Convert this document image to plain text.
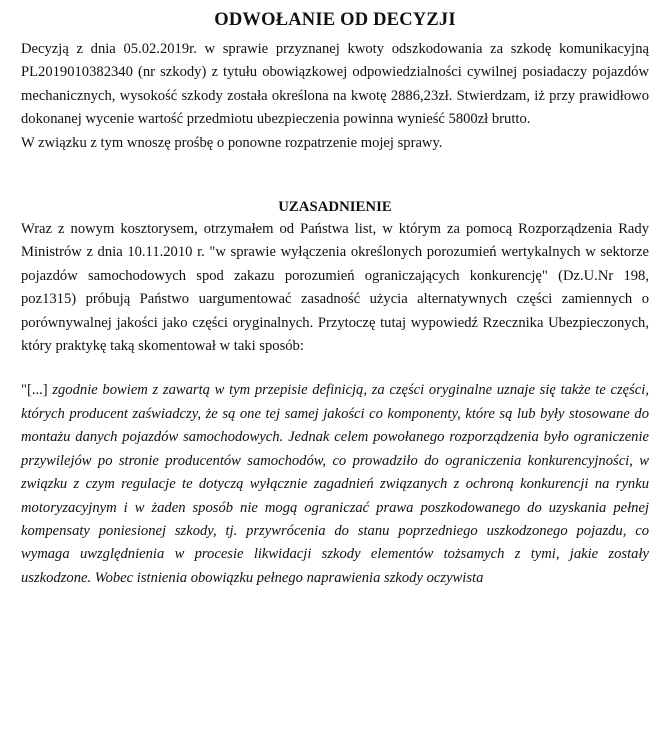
ODWOŁANIE OD DECYZJI

Decyzją z dnia 05.02.2019r. w sprawie przyznanej kwoty odszkodowania za szkodę komunikacyjną PL2019010382340 (nr szkody) z tytułu obowiązkowej odpowiedzialności cywilnej posiadaczy pojazdów mechanicznych, wysokość szkody została określona na kwotę 2886,23zł. Stwierdzam, iż przy prawidłowo dokonanej wycenie wartość przedmiotu ubezpieczenia powinna wynieść 5800zł brutto.

W związku z tym wnoszę prośbę o ponowne rozpatrzenie mojej sprawy.

UZASADNIENIE

Wraz z nowym kosztorysem, otrzymałem od Państwa list, w którym za pomocą Rozporządzenia Rady Ministrów z dnia 10.11.2010 r. "w sprawie wyłączenia określonych porozumień wertykalnych w sektorze pojazdów samochodowych spod zakazu porozumień ograniczających konkurencję" (Dz.U.Nr 198, poz1315) próbują Państwo uargumentować zasadność użycia alternatywnych części zamiennych o porównywalnej jakości jako części oryginalnych. Przytoczę tutaj wypowiedź Rzecznika Ubezpieczonych, który praktykę taką skomentował w taki sposób:

"[...] zgodnie bowiem z zawartą w tym przepisie definicją, za części oryginalne uznaje się także te części, których producent zaświadczy, że są one tej samej jakości co komponenty, które są lub były stosowane do montażu danych pojazdów samochodowych. Jednak celem powołanego rozporządzenia było ograniczenie przywilejów po stronie producentów samochodów, co prowadziło do ograniczenia konkurencyjności, w związku z czym regulacje te dotyczą wyłącznie zagadnień związanych z ochroną konkurencji na rynku motoryzacyjnym i w żaden sposób nie mogą ograniczać prawa poszkodowanego do uzyskania pełnej kompensaty poniesionej szkody, tj. przywrócenia do stanu poprzedniego uszkodzonego pojazdu, co wymaga uwzględnienia w procesie likwidacji szkody elementów tożsamych z tymi, jakie zostały uszkodzone. Wobec istnienia obowiązku pełnego naprawienia szkody oczywista
